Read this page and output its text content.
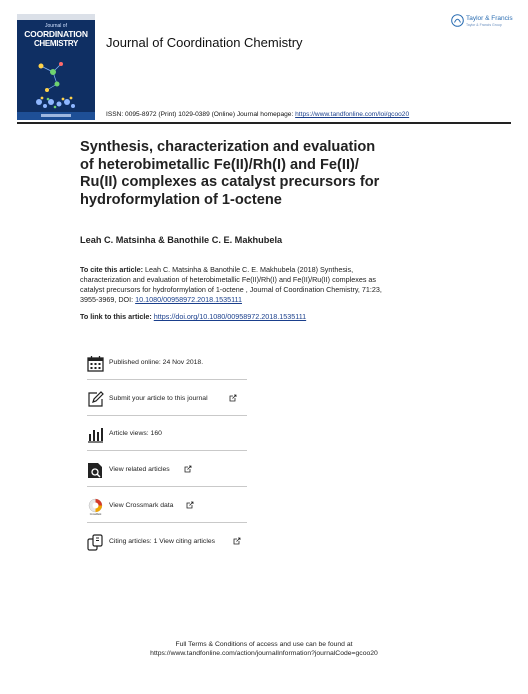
Journal of
COORDINATION
CHEMISTRY	Journal of Coordination Chemistry
Taylor & Francis
Taylor & Francis Group
ISSN: 0095-8972 (Print) 1029-0389 (Online) Journal homepage: https://www.tandfonline.com/loi/gcoo20
Synthesis, characterization and evaluation
of heterobimetallic Fe(II)/Rh(I) and Fe(II)/
Ru(II) complexes as catalyst precursors for
hydroformylation of 1-octene
Leah C. Matsinha & Banothile C. E. Makhubela
To cite this article: Leah C. Matsinha & Banothile C. E. Makhubela (2018) Synthesis,
characterization and evaluation of heterobimetallic Fe(II)/Rh(I) and Fe(II)/Ru(II) complexes as
catalyst precursors for hydroformylation of 1-octene , Journal of Coordination Chemistry, 71:23,
3955-3969, DOI: 10.1080/00958972.2018.1535111
To link to this article: https://doi.org/10.1080/00958972.2018.1535111
Published online: 24 Nov 2018.
Submit your article to this journal
Article views: 160
View related articles
CrossMark
View Crossmark data
Citing articles: 1 View citing articles
Full Terms & Conditions of access and use can be found at
https://www.tandfonline.com/action/journalInformation?journalCode=gcoo20
